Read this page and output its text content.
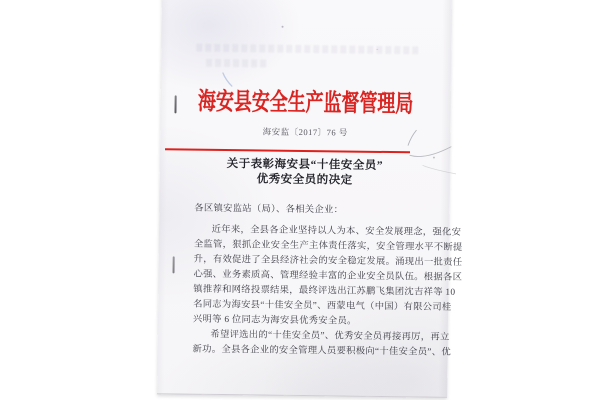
海安县安全生产监督管理局
海安监〔2017〕76 号
关于表彰海安县“十佳安全员”
优秀安全员的决定
各区镇安监站（局）、各相关企业：
近年来，全县各企业坚持以人为本、安全发展理念，强化安
全监管，狠抓企业安全生产主体责任落实，安全管理水平不断提
升，有效促进了全县经济社会的安全稳定发展。涌现出一批责任
心强、业务素质高、管理经验丰富的企业安全员队伍。根据各区
镇推荐和网络投票结果，最终评选出江苏鹏飞集团沈吉祥等 10
名同志为海安县“十佳安全员”、西蒙电气（中国）有限公司桂
兴明等 6 位同志为海安县优秀安全员。
希望评选出的“十佳安全员”、优秀安全员再接再厉，再立
新功。全县各企业的安全管理人员要积极向“十佳安全员”、优
